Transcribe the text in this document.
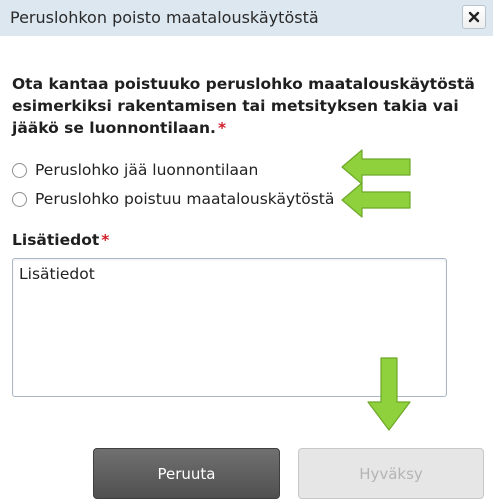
Peruslohkon poisto maatalouskäytöstä
Ota kantaa poistuuko peruslohko maatalouskäytöstä esimerkiksi rakentamisen tai metsityksen takia vai jääkö se luonnontilaan. *
Peruslohko jää luonnontilaan
Peruslohko poistuu maatalouskäytöstä
Lisätiedot *
Lisätiedot
Peruuta	Hyväksy
